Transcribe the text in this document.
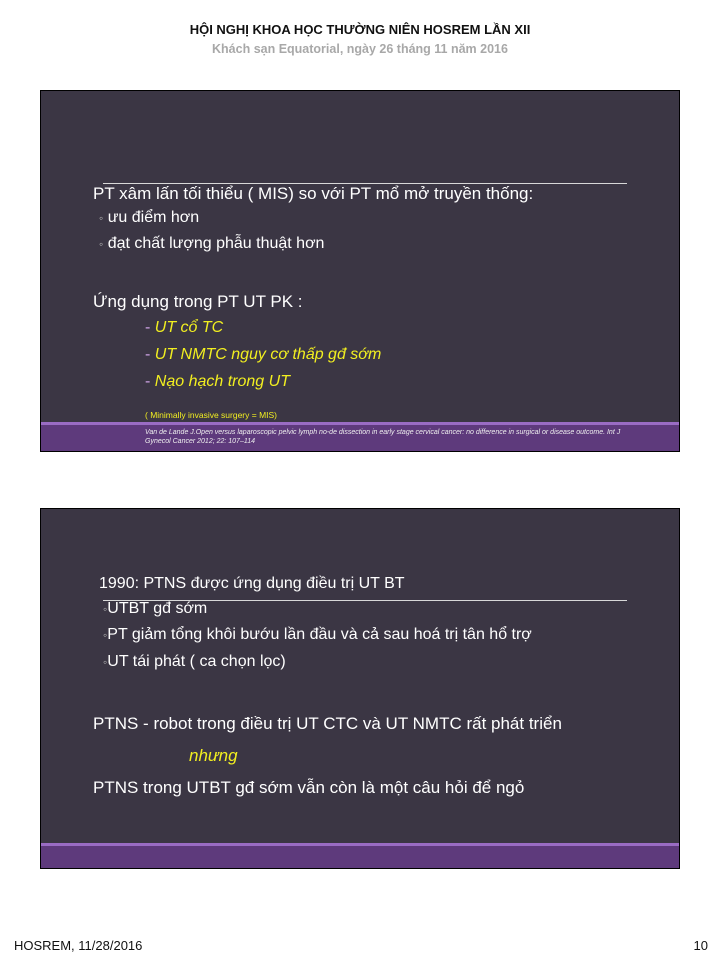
HỘI NGHỊ KHOA HỌC THƯỜNG NIÊN HOSREM LẦN XII
Khách sạn Equatorial, ngày 26 tháng 11 năm 2016
PT xâm lấn tối thiểu ( MIS) so với PT mổ mở truyền thống:
◦ ưu điểm hơn
◦ đạt chất lượng phẫu thuật hơn
Ứng dụng trong PT UT PK :
- UT cổ TC
- UT NMTC nguy cơ thấp gđ sớm
- Nạo hạch trong UT
( Minimally invasive surgery = MIS)
Van de Lande J.Open versus laparoscopic pelvic lymph no-de dissection in early stage cervical cancer: no difference in surgical or disease outcome. Int J Gynecol Cancer 2012; 22: 107–114
1990: PTNS được ứng dụng điều trị UT BT
◦UTBT gđ sớm
◦PT giảm tổng khôi bướu lần đầu và cả sau hoá trị tân hổ trợ
◦UT tái phát ( ca chọn lọc)
PTNS - robot trong điều trị UT CTC và UT NMTC rất phát triển
nhưng
PTNS trong UTBT gđ sớm vẫn còn là một câu hỏi để ngỏ
HOSREM, 11/28/2016	10
